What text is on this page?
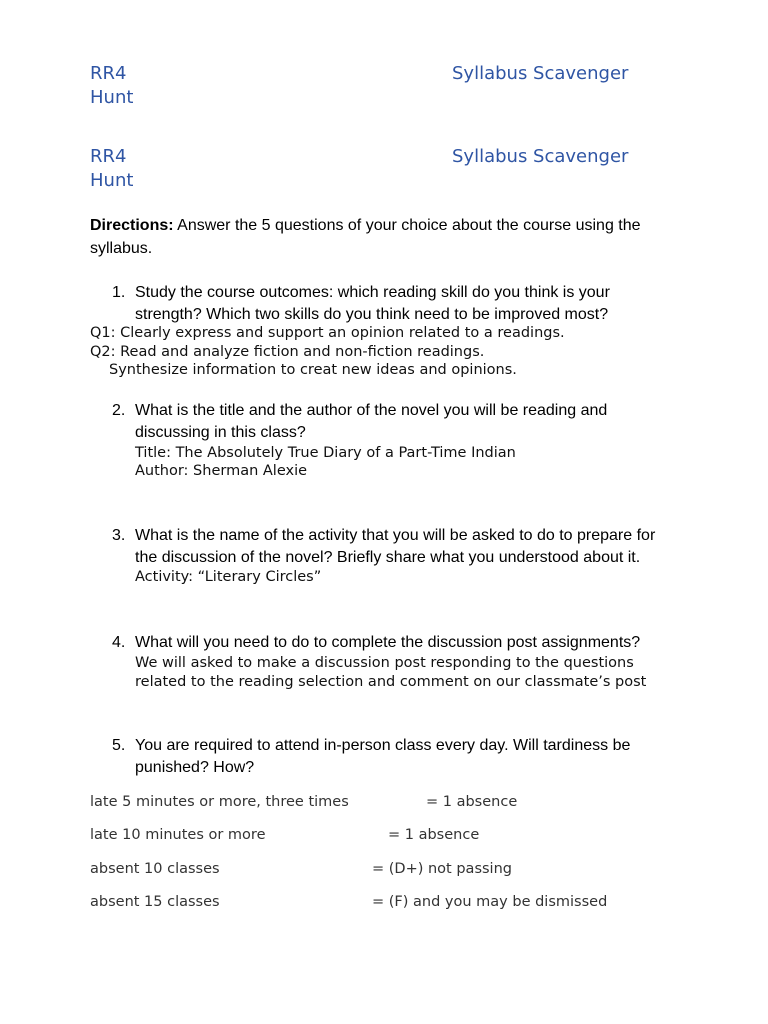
RR4	Syllabus Scavenger
Hunt
RR4	Syllabus Scavenger
Hunt
Directions: Answer the 5 questions of your choice about the course using the syllabus.
1. Study the course outcomes: which reading skill do you think is your strength? Which two skills do you think need to be improved most?
Q1: Clearly express and support an opinion related to a readings.
Q2: Read and analyze fiction and non-fiction readings.
Synthesize information to creat new ideas and opinions.
2. What is the title and the author of the novel you will be reading and discussing in this class?
Title: The Absolutely True Diary of a Part-Time Indian
Author: Sherman Alexie
3. What is the name of the activity that you will be asked to do to prepare for the discussion of the novel? Briefly share what you understood about it.
Activity: “Literary Circles”
4. What will you need to do to complete the discussion post assignments?
We will asked to make a discussion post responding to the questions
related to the reading selection and comment on our classmate’s post
5. You are required to attend in-person class every day. Will tardiness be punished? How?
late 5 minutes or more, three times	= 1 absence
late 10 minutes or more	= 1 absence
absent 10 classes	= (D+) not passing
absent 15 classes	= (F) and you may be dismissed
